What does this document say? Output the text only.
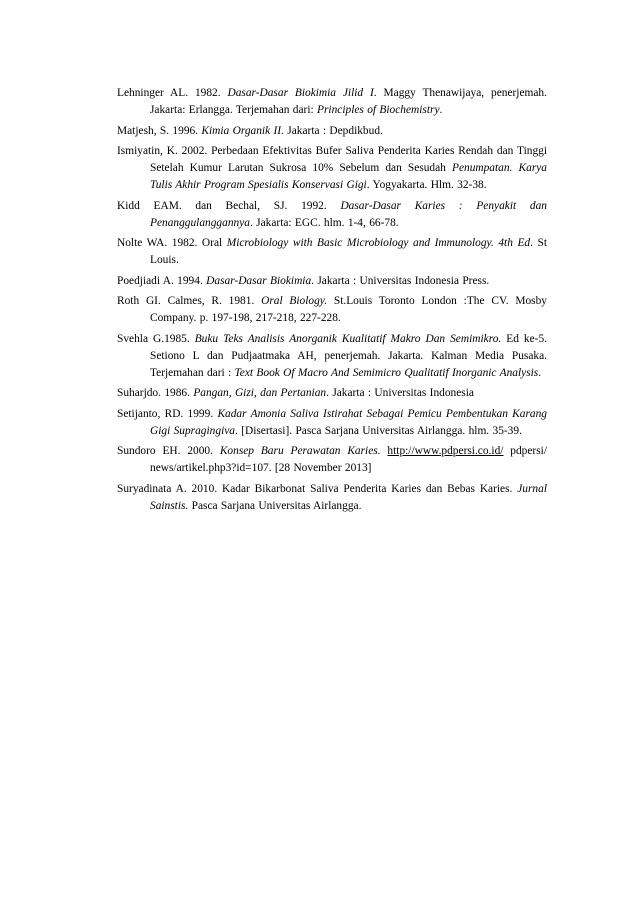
Lehninger AL. 1982. Dasar-Dasar Biokimia Jilid I. Maggy Thenawijaya, penerjemah. Jakarta: Erlangga. Terjemahan dari: Principles of Biochemistry.

Matjesh, S. 1996. Kimia Organik II. Jakarta : Depdikbud.

Ismiyatin, K. 2002. Perbedaan Efektivitas Bufer Saliva Penderita Karies Rendah dan Tinggi Setelah Kumur Larutan Sukrosa 10% Sebelum dan Sesudah Penumpatan. Karya Tulis Akhir Program Spesialis Konservasi Gigi. Yogyakarta. Hlm. 32-38.

Kidd EAM. dan Bechal, SJ. 1992. Dasar-Dasar Karies : Penyakit dan Penanggulanggannya. Jakarta: EGC. hlm. 1-4, 66-78.

Nolte WA. 1982. Oral Microbiology with Basic Microbiology and Immunology. 4th Ed. St Louis.

Poedjiadi A. 1994. Dasar-Dasar Biokimia. Jakarta : Universitas Indonesia Press.

Roth GI. Calmes, R. 1981. Oral Biology. St.Louis Toronto London :The CV. Mosby Company. p. 197-198, 217-218, 227-228.

Svehla G.1985. Buku Teks Analisis Anorganik Kualitatif Makro Dan Semimikro. Ed ke-5. Setiono L dan Pudjaatmaka AH, penerjemah. Jakarta. Kalman Media Pusaka. Terjemahan dari : Text Book Of Macro And Semimicro Qualitatif Inorganic Analysis.

Suharjdo. 1986. Pangan, Gizi, dan Pertanian. Jakarta : Universitas Indonesia

Setijanto, RD. 1999. Kadar Amonia Saliva Istirahat Sebagai Pemicu Pembentukan Karang Gigi Supragingiva. [Disertasi]. Pasca Sarjana Universitas Airlangga. hlm. 35-39.

Sundoro EH. 2000. Konsep Baru Perawatan Karies. http://www.pdpersi.co.id/ pdpersi/ news/artikel.php3?id=107. [28 November 2013]

Suryadinata A. 2010. Kadar Bikarbonat Saliva Penderita Karies dan Bebas Karies. Jurnal Sainstis. Pasca Sarjana Universitas Airlangga.
